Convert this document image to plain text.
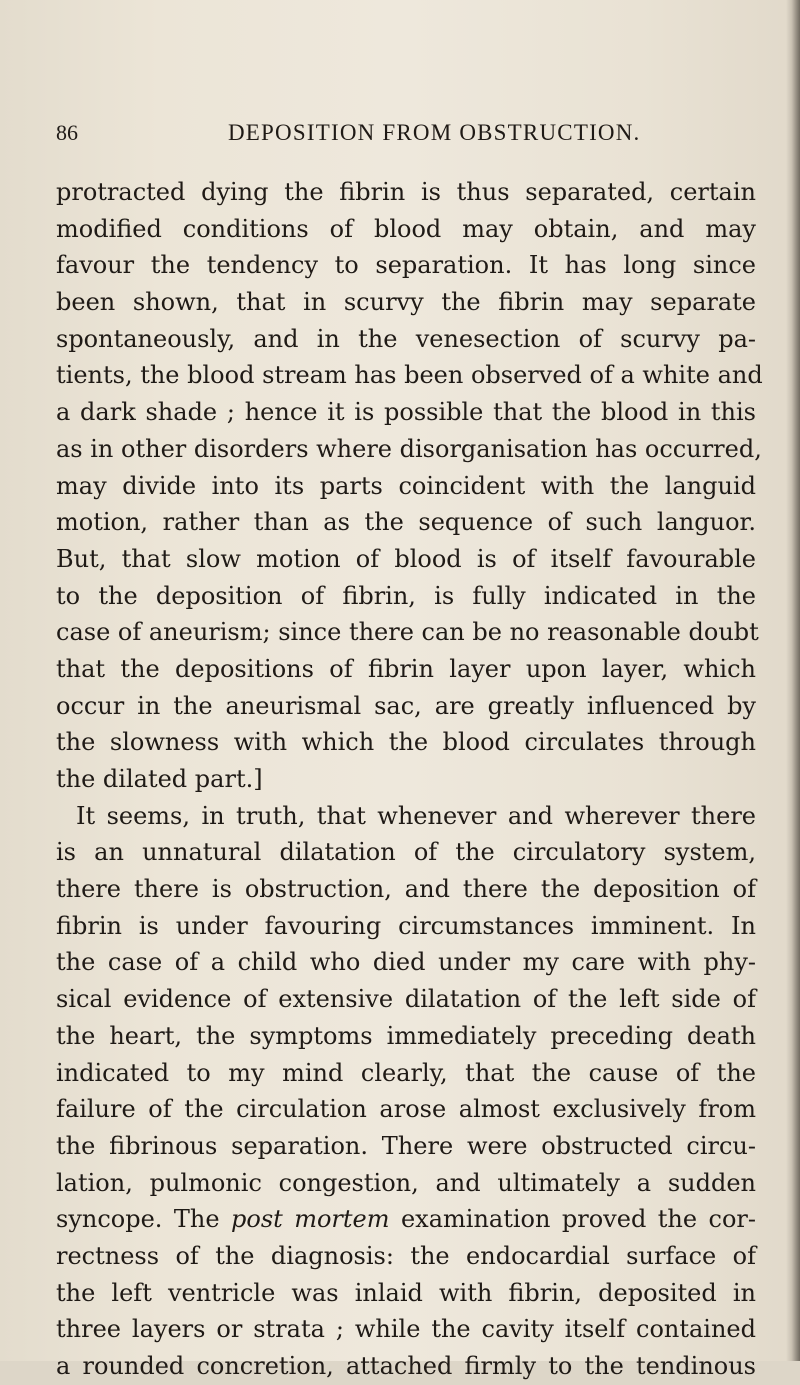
86	DEPOSITION FROM OBSTRUCTION.
protracted dying the fibrin is thus separated, certain
modified conditions of blood may obtain, and may
favour the tendency to separation. It has long since
been shown, that in scurvy the fibrin may separate
spontaneously, and in the venesection of scurvy pa-
tients, the blood stream has been observed of a white and
a dark shade ; hence it is possible that the blood in this
as in other disorders where disorganisation has occurred,
may divide into its parts coincident with the languid
motion, rather than as the sequence of such languor.
But, that slow motion of blood is of itself favourable
to the deposition of fibrin, is fully indicated in the
case of aneurism; since there can be no reasonable doubt
that the depositions of fibrin layer upon layer, which
occur in the aneurismal sac, are greatly influenced by
the slowness with which the blood circulates through
the dilated part.]
It seems, in truth, that whenever and wherever there
is an unnatural dilatation of the circulatory system,
there there is obstruction, and there the deposition of
fibrin is under favouring circumstances imminent. In
the case of a child who died under my care with phy-
sical evidence of extensive dilatation of the left side of
the heart, the symptoms immediately preceding death
indicated to my mind clearly, that the cause of the
failure of the circulation arose almost exclusively from
the fibrinous separation. There were obstructed circu-
lation, pulmonic congestion, and ultimately a sudden
syncope. The post mortem examination proved the cor-
rectness of the diagnosis: the endocardial surface of
the left ventricle was inlaid with fibrin, deposited in
three layers or strata ; while the cavity itself contained
a rounded concretion, attached firmly to the tendinous
